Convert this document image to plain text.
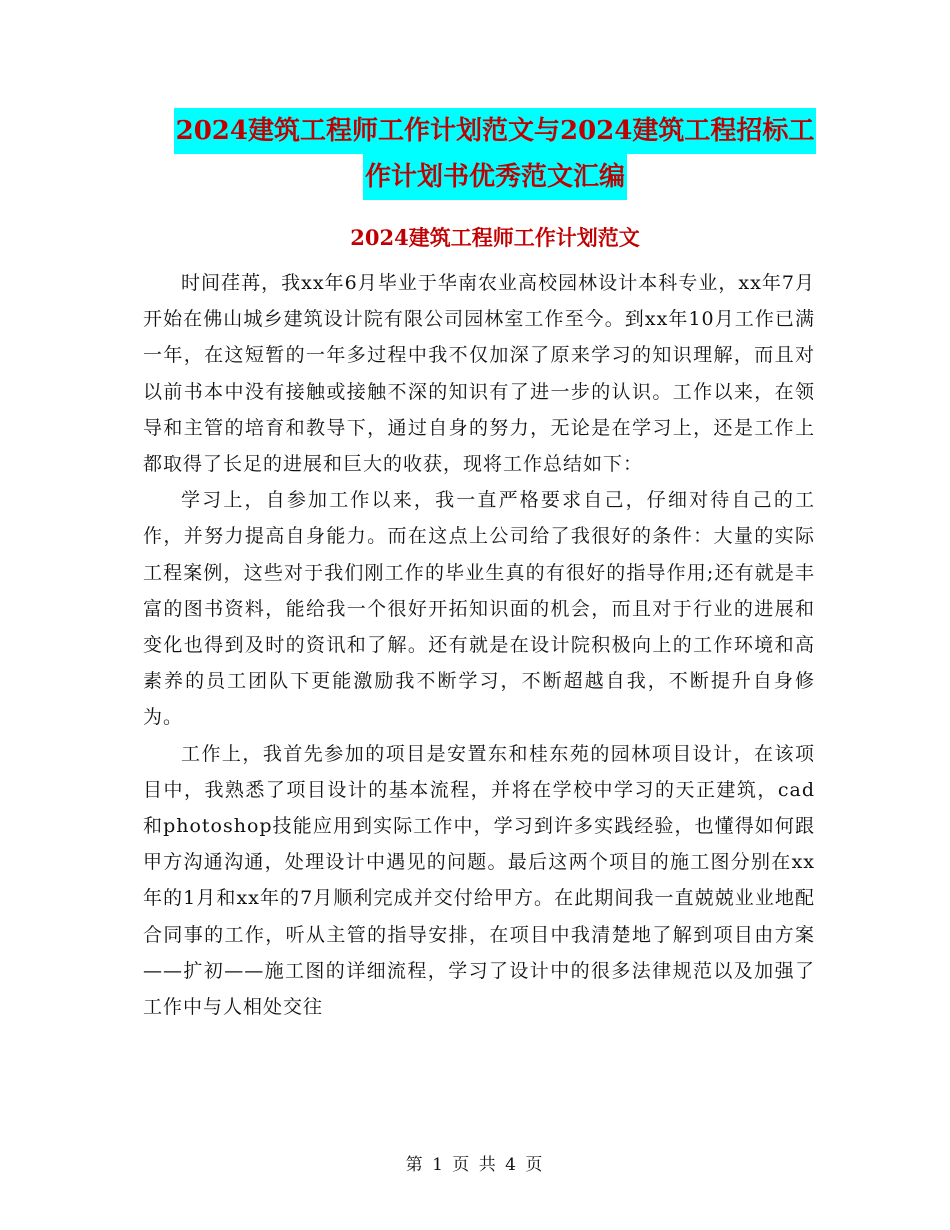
2024建筑工程师工作计划范文与2024建筑工程招标工
作计划书优秀范文汇编
2024建筑工程师工作计划范文

时间荏苒，我xx年6月毕业于华南农业高校园林设计本科专业，xx年7月开始在佛山城乡建筑设计院有限公司园林室工作至今。到xx年10月工作已满一年，在这短暂的一年多过程中我不仅加深了原来学习的知识理解，而且对以前书本中没有接触或接触不深的知识有了进一步的认识。工作以来，在领导和主管的培育和教导下，通过自身的努力，无论是在学习上，还是工作上都取得了长足的进展和巨大的收获，现将工作总结如下：

学习上，自参加工作以来，我一直严格要求自己，仔细对待自己的工作，并努力提高自身能力。而在这点上公司给了我很好的条件：大量的实际工程案例，这些对于我们刚工作的毕业生真的有很好的指导作用;还有就是丰富的图书资料，能给我一个很好开拓知识面的机会，而且对于行业的进展和变化也得到及时的资讯和了解。还有就是在设计院积极向上的工作环境和高素养的员工团队下更能激励我不断学习，不断超越自我，不断提升自身修为。

工作上，我首先参加的项目是安置东和桂东苑的园林项目设计，在该项目中，我熟悉了项目设计的基本流程，并将在学校中学习的天正建筑，cad和photoshop技能应用到实际工作中，学习到许多实践经验，也懂得如何跟甲方沟通沟通，处理设计中遇见的问题。最后这两个项目的施工图分别在xx年的1月和xx年的7月顺利完成并交付给甲方。在此期间我一直兢兢业业地配合同事的工作，听从主管的指导安排，在项目中我清楚地了解到项目由方案——扩初——施工图的详细流程，学习了设计中的很多法律规范以及加强了工作中与人相处交往

第 1 页 共 4 页
